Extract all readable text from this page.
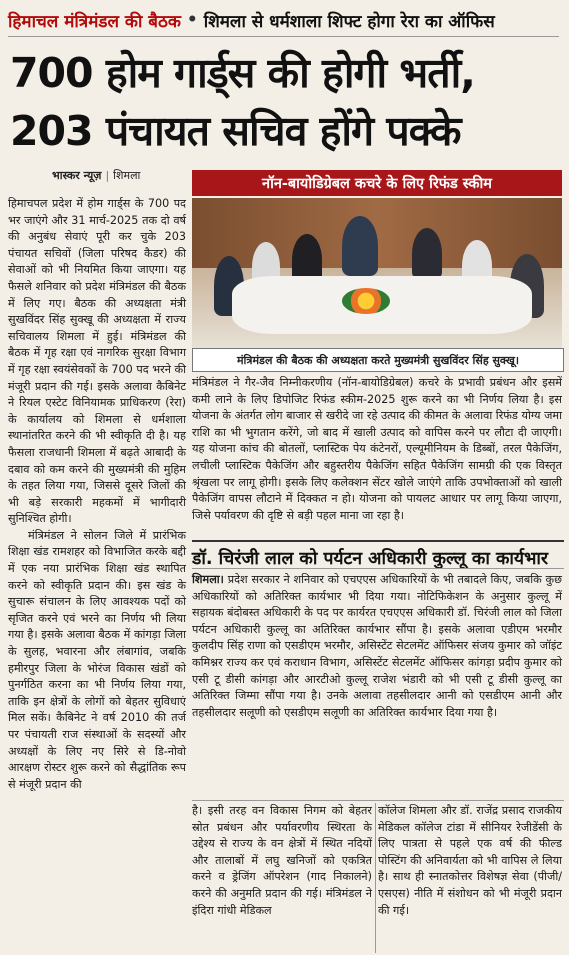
हिमाचल मंत्रिमंडल की बैठक • शिमला से धर्मशाला शिफ्ट होगा रेरा का ऑफिस
700 होम गार्ड्स की होगी भर्ती,
203 पंचायत सचिव होंगे पक्के
भास्कर न्यूज़ | शिमला
नॉन-बायोडिग्रेबल कचरे के लिए रिफंड स्कीम
मंत्रिमंडल की बैठक की अध्यक्षता करते मुख्यमंत्री सुखविंदर सिंह सुक्खू।

हिमाचपल प्रदेश में होम गार्ड्स के 700 पद भर जाएंगे और 31 मार्च-2025 तक दो वर्ष की अनुबंध सेवाएं पूरी कर चुके 203 पंचायत सचिवों (जिला परिषद कैडर) की सेवाओं को भी नियमित किया जाएगा। यह फैसले शनिवार को प्रदेश मंत्रिमंडल की बैठक में लिए गए। बैठक की अध्यक्षता मंत्री सुखविंदर सिंह सुक्खू की अध्यक्षता में राज्य सचिवालय शिमला में हुई। मंत्रिमंडल की बैठक में गृह रक्षा एवं नागरिक सुरक्षा विभाग में गृह रक्षा स्वयंसेवकों के 700 पद भरने की मंजूरी प्रदान की गई। इसके अलावा कैबिनेट ने रियल एस्टेट विनियामक प्राधिकरण (रेरा) के कार्यालय को शिमला से धर्मशाला स्थानांतरित करने की भी स्वीकृति दी है। यह फैसला राजधानी शिमला में बढ़ते आबादी के दबाव को कम करने की मुख्यमंत्री की मुहिम के तहत लिया गया, जिससे दूसरे जिलों की भी बड़े सरकारी महकमों में भागीदारी सुनिश्चित होगी।

मंत्रिमंडल ने सोलन जिले में प्रारंभिक शिक्षा खंड रामशहर को विभाजित करके बद्दी में एक नया प्रारंभिक शिक्षा खंड स्थापित करने को स्वीकृति प्रदान की। इस खंड के सुचारू संचालन के लिए आवश्यक पदों को सृजित करने एवं भरने का निर्णय भी लिया गया है। इसके अलावा बैठक में कांगड़ा जिला के सुलह, भवारना और लंबागांव, जबकि हमीरपुर जिला के भोरंज विकास खंडों को पुनर्गठित करना का भी निर्णय लिया गया, ताकि इन क्षेत्रों के लोगों को बेहतर सुविधाएं मिल सकें। कैबिनेट ने वर्ष 2010 की तर्ज पर पंचायती राज संस्थाओं के सदस्यों और अध्यक्षों के लिए नए सिरे से डि-नोवो आरक्षण रोस्टर शुरू करने को सैद्धांतिक रूप से मंजूरी प्रदान की

मंत्रिमंडल ने गैर-जैव निम्नीकरणीय (नॉन-बायोडिग्रेबल) कचरे के प्रभावी प्रबंधन और इसमें कमी लाने के लिए डिपोजिट रिफंड स्कीम-2025 शुरू करने का भी निर्णय लिया है। इस योजना के अंतर्गत लोग बाजार से खरीदे जा रहे उत्पाद की कीमत के अलावा रिफंड योग्य जमा राशि का भी भुगतान करेंगे, जो बाद में खाली उत्पाद को वापिस करने पर लौटा दी जाएगी। यह योजना कांच की बोतलों, प्लास्टिक पेय कंटेनरों, एल्यूमीनियम के डिब्बों, तरल पैकेजिंग, लचीली प्लास्टिक पैकेजिंग और बहुस्तरीय पैकेजिंग सहित पैकेजिंग सामग्री की एक विस्तृत श्रृंखला पर लागू होगी। इसके लिए कलेक्शन सेंटर खोले जाएंगे ताकि उपभोक्ताओं को खाली पैकेजिंग वापस लौटाने में दिक्कत न हो। योजना को पायलट आधार पर लागू किया जाएगा, जिसे पर्यावरण की दृष्टि से बड़ी पहल माना जा रहा है।

डॉ. चिरंजी लाल को पर्यटन अधिकारी कुल्लू का कार्यभार

शिमला। प्रदेश सरकार ने शनिवार को एचएएस अधिकारियों के भी तबादले किए, जबकि कुछ अधिकारियों को अतिरिक्त कार्यभार भी दिया गया। नोटिफिकेशन के अनुसार कुल्लू में सहायक बंदोबस्त अधिकारी के पद पर कार्यरत एचएएस अधिकारी डॉ. चिरंजी लाल को जिला पर्यटन अधिकारी कुल्लू का अतिरिक्त कार्यभार सौंपा है। इसके अलावा एडीएम भरमौर कुलदीप सिंह राणा को एसडीएम भरमौर, असिस्टेंट सेटलमेंट ऑफिसर संजय कुमार को जॉइंट कमिश्नर राज्य कर एवं कराधान विभाग, असिस्टेंट सेटलमेंट ऑफिसर कांगड़ा प्रदीप कुमार को एसी टू डीसी कांगड़ा और आरटीओ कुल्लू राजेश भंडारी को भी एसी टू डीसी कुल्लू का अतिरिक्त जिम्मा सौंपा गया है। उनके अलावा तहसीलदार आनी को एसडीएम आनी और तहसीलदार सलूणी को एसडीएम सलूणी का अतिरिक्त कार्यभार दिया गया है।

है। इसी तरह वन विकास निगम को बेहतर स्रोत प्रबंधन और पर्यावरणीय स्थिरता के उद्देश्य से राज्य के वन क्षेत्रों में स्थित नदियों और तालाबों में लघु खनिजों को एकत्रित करने व ड्रेजिंग ऑपरेशन (गाद निकालने) करने की अनुमति प्रदान की गई। मंत्रिमंडल ने इंदिरा गांधी मेडिकल

कॉलेज शिमला और डॉ. राजेंद्र प्रसाद राजकीय मेडिकल कॉलेज टांडा में सीनियर रेजीडेंसी के लिए पात्रता से पहले एक वर्ष की फील्ड पोस्टिंग की अनिवार्यता को भी वापिस ले लिया है। साथ ही स्नातकोत्तर विशेषज्ञ सेवा (पीजी/एसएस) नीति में संशोधन को भी मंजूरी प्रदान की गई।
